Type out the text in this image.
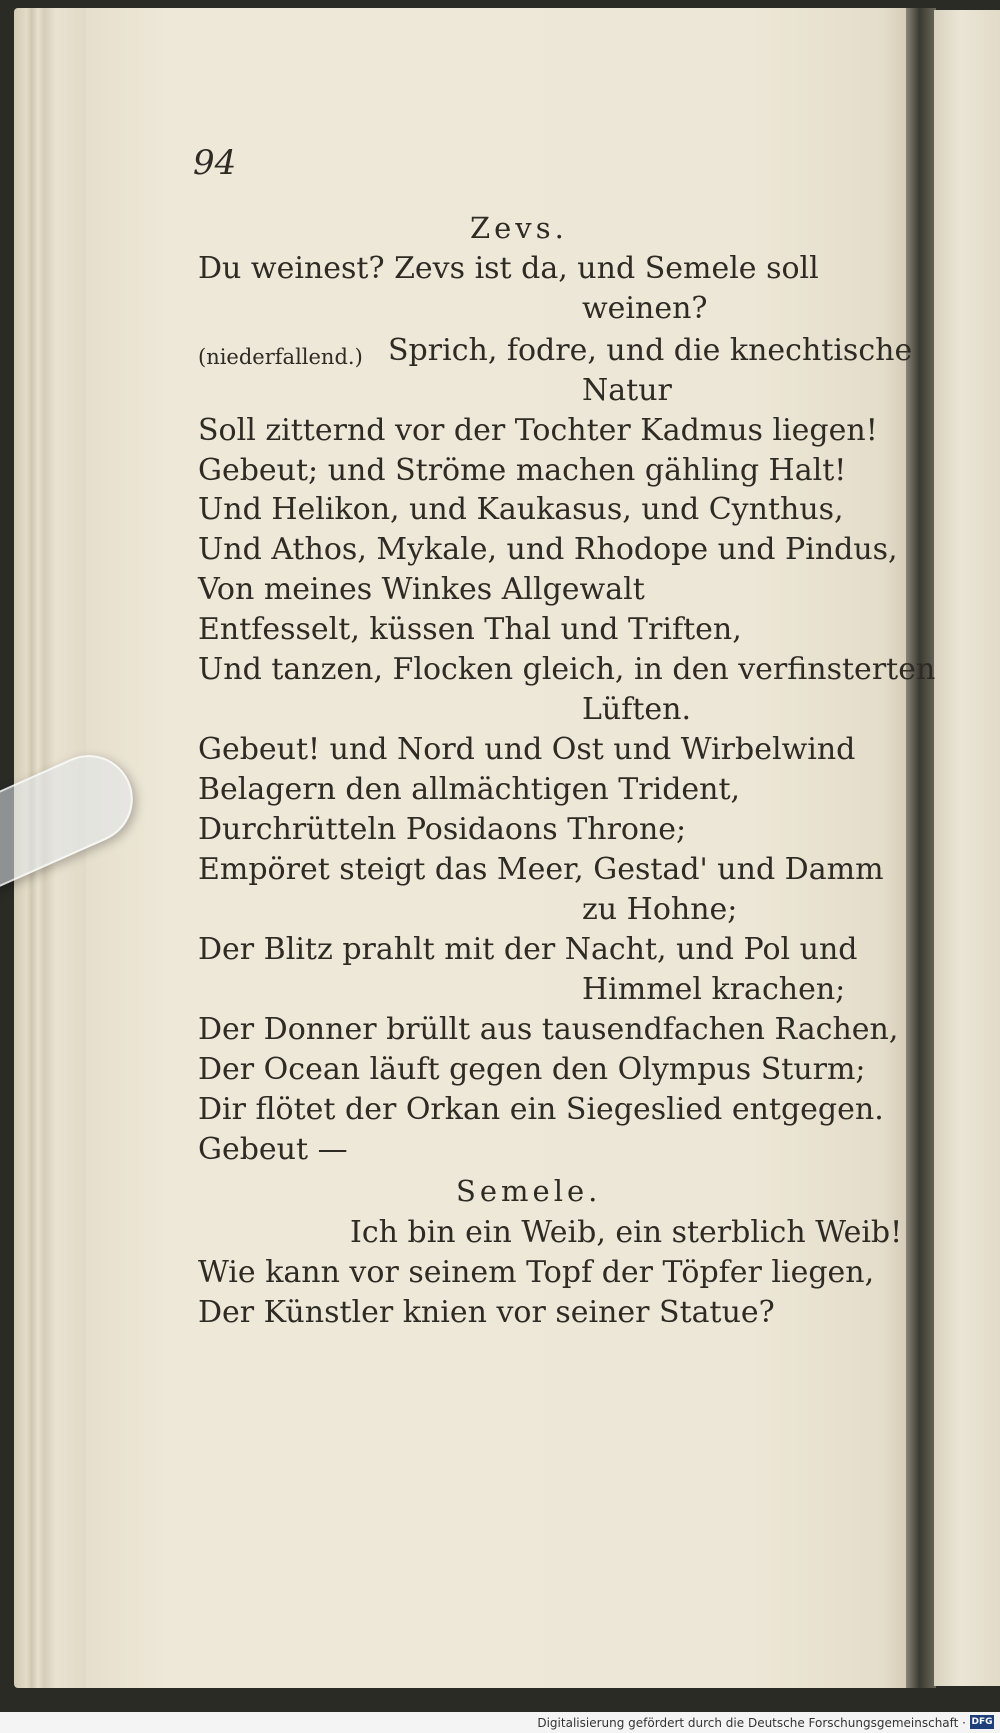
94
Zevs.
Du weinest? Zevs ist da, und Semele soll
weinen?
(niederfallend.) Sprich, fodre, und die knechtische
Natur
Soll zitternd vor der Tochter Kadmus liegen!
Gebeut; und Ströme machen gähling Halt!
Und Helikon, und Kaukasus, und Cynthus,
Und Athos, Mykale, und Rhodope und Pindus,
Von meines Winkes Allgewalt
Entfesselt, küssen Thal und Triften,
Und tanzen, Flocken gleich, in den verfinsterten
Lüften.
Gebeut! und Nord und Ost und Wirbelwind
Belagern den allmächtigen Trident,
Durchrütteln Posidaons Throne;
Empöret steigt das Meer, Gestad' und Damm
zu Hohne;
Der Blitz prahlt mit der Nacht, und Pol und
Himmel krachen;
Der Donner brüllt aus tausendfachen Rachen,
Der Ocean läuft gegen den Olympus Sturm;
Dir flötet der Orkan ein Siegeslied entgegen.
Gebeut —
Semele.
Ich bin ein Weib, ein sterblich Weib!
Wie kann vor seinem Topf der Töpfer liegen,
Der Künstler knien vor seiner Statue?
Digitalisierung gefördert durch die Deutsche Forschungsgemeinschaft · DFG
